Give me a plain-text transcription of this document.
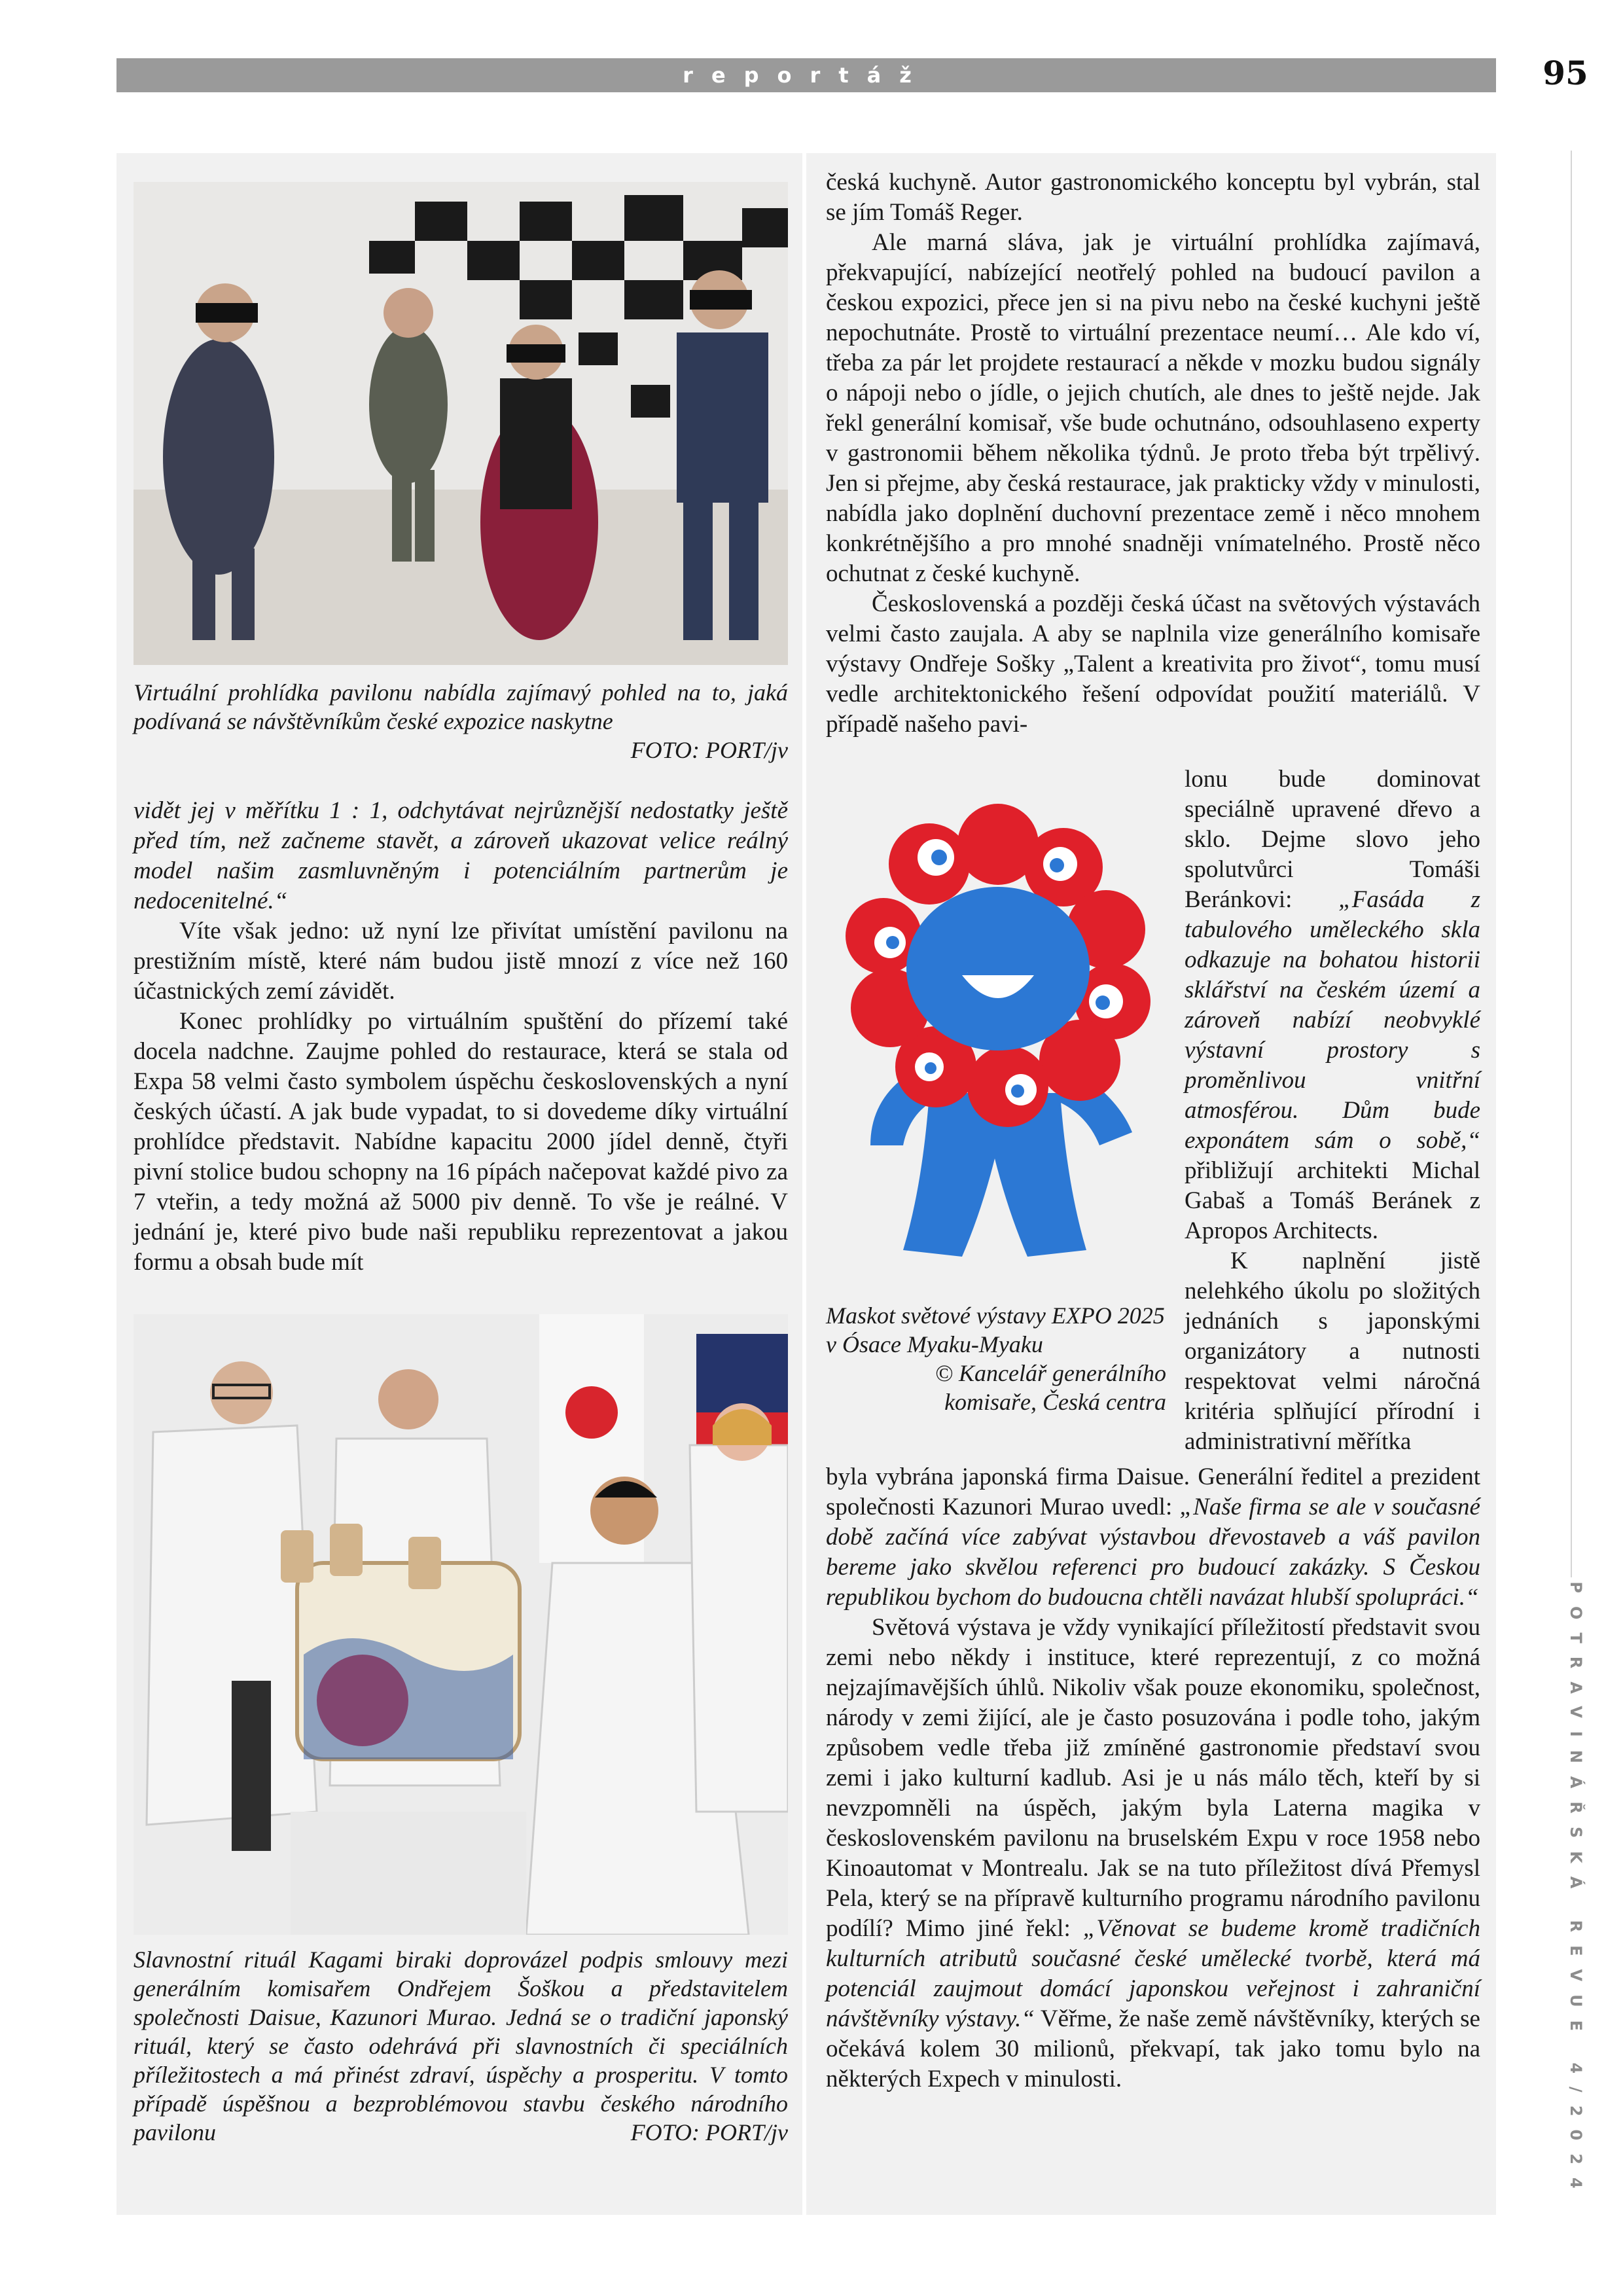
reportáž	95
Virtuální prohlídka pavilonu nabídla zajímavý pohled na to, jaká podívaná se návštěvníkům české expozice naskytne
FOTO: PORT/jv

vidět jej v měřítku 1 : 1, odchytávat nejrůznější nedostatky ještě před tím, než začneme stavět, a zároveň ukazovat velice reálný model našim zasmluvněným i potenciálním partnerům je nedocenitelné.“

Víte však jedno: už nyní lze přivítat umístění pavilonu na prestižním místě, které nám budou jistě mnozí z více než 160 účastnických zemí závidět.

Konec prohlídky po virtuálním spuštění do přízemí také docela nadchne. Zaujme pohled do restaurace, která se stala od Expa 58 velmi často symbolem úspěchu československých a nyní českých účastí. A jak bude vypadat, to si dovedeme díky virtuální prohlídce představit. Nabídne kapacitu 2000 jídel denně, čtyři pivní stolice budou schopny na 16 pípách načepovat každé pivo za 7 vteřin, a tedy možná až 5000 piv denně. To vše je reálné. V jednání je, které pivo bude naši republiku reprezentovat a jakou formu a obsah bude mít

Slavnostní rituál Kagami biraki doprovázel podpis smlouvy mezi generálním komisařem Ondřejem Šoškou a představitelem společnosti Daisue, Kazunori Murao. Jedná se o tradiční japonský rituál, který se často odehrává při slavnostních či speciálních příležitostech a má přinést zdraví, úspěchy a prosperitu. V tomto případě úspěšnou a bezproblémovou stavbu českého národního pavilonu	FOTO: PORT/jv

česká kuchyně. Autor gastronomického konceptu byl vybrán, stal se jím Tomáš Reger.

Ale marná sláva, jak je virtuální prohlídka zajímavá, překvapující, nabízející neotřelý pohled na budoucí pavilon a českou expozici, přece jen si na pivu nebo na české kuchyni ještě nepochutnáte. Prostě to virtuální prezentace neumí… Ale kdo ví, třeba za pár let projdete restaurací a někde v mozku budou signály o nápoji nebo o jídle, o jejich chutích, ale dnes to ještě nejde. Jak řekl generální komisař, vše bude ochutnáno, odsouhlaseno experty v gastronomii během několika týdnů. Je proto třeba být trpělivý. Jen si přejme, aby česká restaurace, jak prakticky vždy v minulosti, nabídla jako doplnění duchovní prezentace země i něco mnohem konkrétnějšího a pro mnohé snadněji vnímatelného. Prostě něco ochutnat z české kuchyně.

Československá a později česká účast na světových výstavách velmi často zaujala. A aby se naplnila vize generálního komisaře výstavy Ondřeje Sošky „Talent a kreativita pro život“, tomu musí vedle architektonického řešení odpovídat použití materiálů. V případě našeho pavi-

Maskot světové výstavy EXPO 2025 v Ósace Myaku-Myaku
© Kancelář generálního komisaře, Česká centra

lonu bude dominovat speciálně upravené dřevo a sklo. Dejme slovo jeho spolutvůrci Tomáši Beránkovi: „Fasáda z tabulového uměleckého skla odkazuje na bohatou historii sklářství na českém území a zároveň nabízí neobvyklé výstavní prostory s proměnlivou vnitřní atmosférou. Dům bude exponátem sám o sobě,“ přibližují architekti Michal Gabaš a Tomáš Beránek z Apropos Architects.

K naplnění jistě nelehkého úkolu po složitých jednáních s japonskými organizátory a nutnosti respektovat velmi náročná kritéria splňující přírodní i administrativní měřítka

byla vybrána japonská firma Daisue. Generální ředitel a prezident společnosti Kazunori Murao uvedl: „Naše firma se ale v současné době začíná více zabývat výstavbou dřevostaveb a váš pavilon bereme jako skvělou referenci pro budoucí zakázky. S Českou republikou bychom do budoucna chtěli navázat hlubší spolupráci.“

Světová výstava je vždy vynikající příležitostí představit svou zemi nebo někdy i instituce, které reprezentují, z co možná nejzajímavějších úhlů. Nikoliv však pouze ekonomiku, společnost, národy v zemi žijící, ale je často posuzována i podle toho, jakým způsobem vedle třeba již zmíněné gastronomie představí svou zemi i jako kulturní kadlub. Asi je u nás málo těch, kteří by si nevzpomněli na úspěch, jakým byla Laterna magika v československém pavilonu na bruselském Expu v roce 1958 nebo Kinoautomat v Montrealu. Jak se na tuto příležitost dívá Přemysl Pela, který se na přípravě kulturního programu národního pavilonu podílí? Mimo jiné řekl: „Věnovat se budeme kromě tradičních kulturních atributů současné české umělecké tvorbě, která má potenciál zaujmout domácí japonskou veřejnost i zahraniční návštěvníky výstavy.“ Věřme, že naše země návštěvníky, kterých se očekává kolem 30 milionů, překvapí, tak jako tomu bylo na některých Expech v minulosti.	POTRAVINÁŘSKÁ REVUE 4/2024
